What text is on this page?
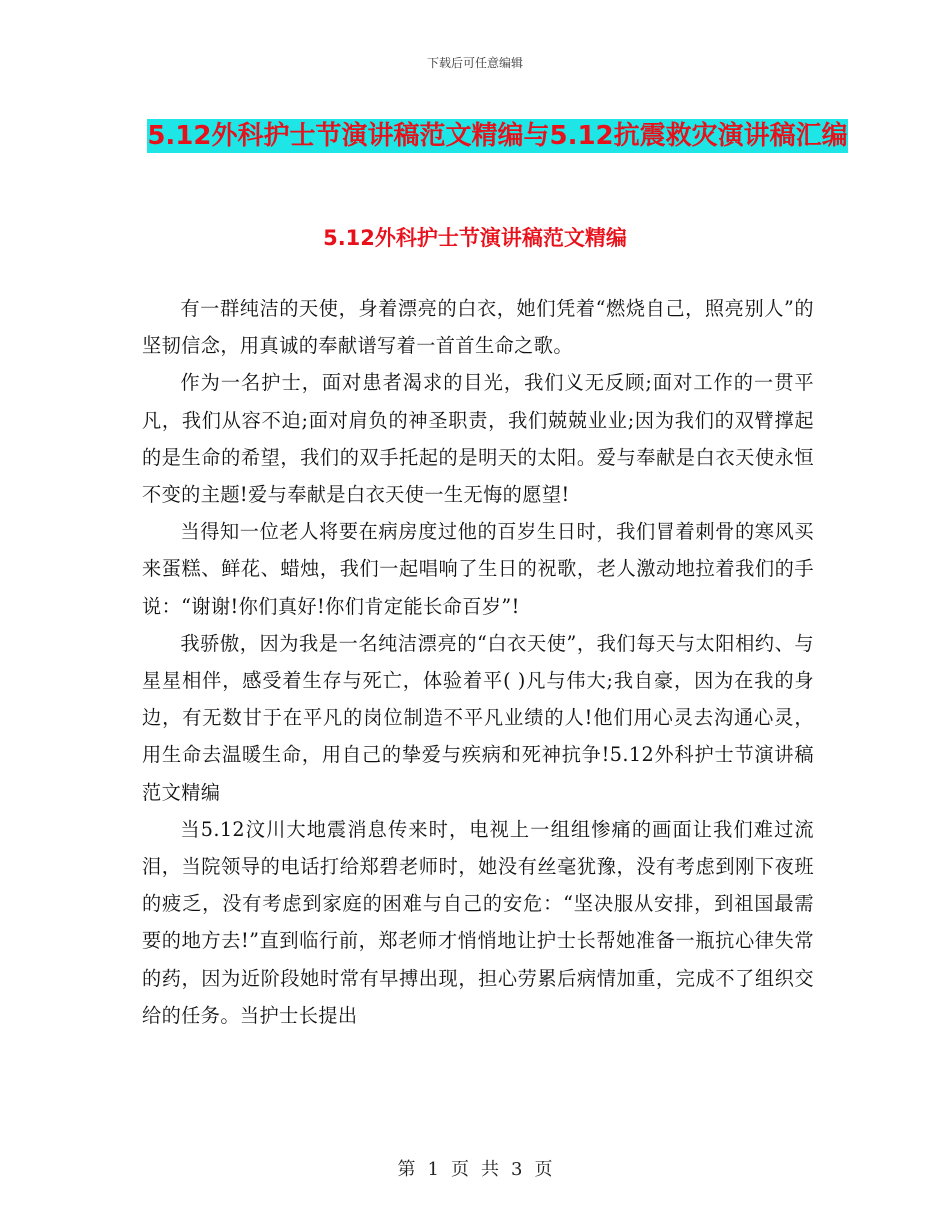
下载后可任意编辑
5.12外科护士节演讲稿范文精编与5.12抗震救灾演讲稿汇编
5.12外科护士节演讲稿范文精编

有一群纯洁的天使，身着漂亮的白衣，她们凭着“燃烧自己，照亮别人”的坚韧信念，用真诚的奉献谱写着一首首生命之歌。

作为一名护士，面对患者渴求的目光，我们义无反顾;面对工作的一贯平凡，我们从容不迫;面对肩负的神圣职责，我们兢兢业业;因为我们的双臂撑起的是生命的希望，我们的双手托起的是明天的太阳。爱与奉献是白衣天使永恒不变的主题!爱与奉献是白衣天使一生无悔的愿望!

当得知一位老人将要在病房度过他的百岁生日时，我们冒着刺骨的寒风买来蛋糕、鲜花、蜡烛，我们一起唱响了生日的祝歌，老人激动地拉着我们的手说：“谢谢!你们真好!你们肯定能长命百岁”!

我骄傲，因为我是一名纯洁漂亮的“白衣天使”，我们每天与太阳相约、与星星相伴，感受着生存与死亡，体验着平( )凡与伟大;我自豪，因为在我的身边，有无数甘于在平凡的岗位制造不平凡业绩的人!他们用心灵去沟通心灵，用生命去温暖生命，用自己的挚爱与疾病和死神抗争!5.12外科护士节演讲稿范文精编

当5.12汶川大地震消息传来时，电视上一组组惨痛的画面让我们难过流泪，当院领导的电话打给郑碧老师时，她没有丝毫犹豫，没有考虑到刚下夜班的疲乏，没有考虑到家庭的困难与自己的安危：“坚决服从安排，到祖国最需要的地方去!”直到临行前，郑老师才悄悄地让护士长帮她准备一瓶抗心律失常的药，因为近阶段她时常有早搏出现，担心劳累后病情加重，完成不了组织交给的任务。当护士长提出

第 1 页 共 3 页
